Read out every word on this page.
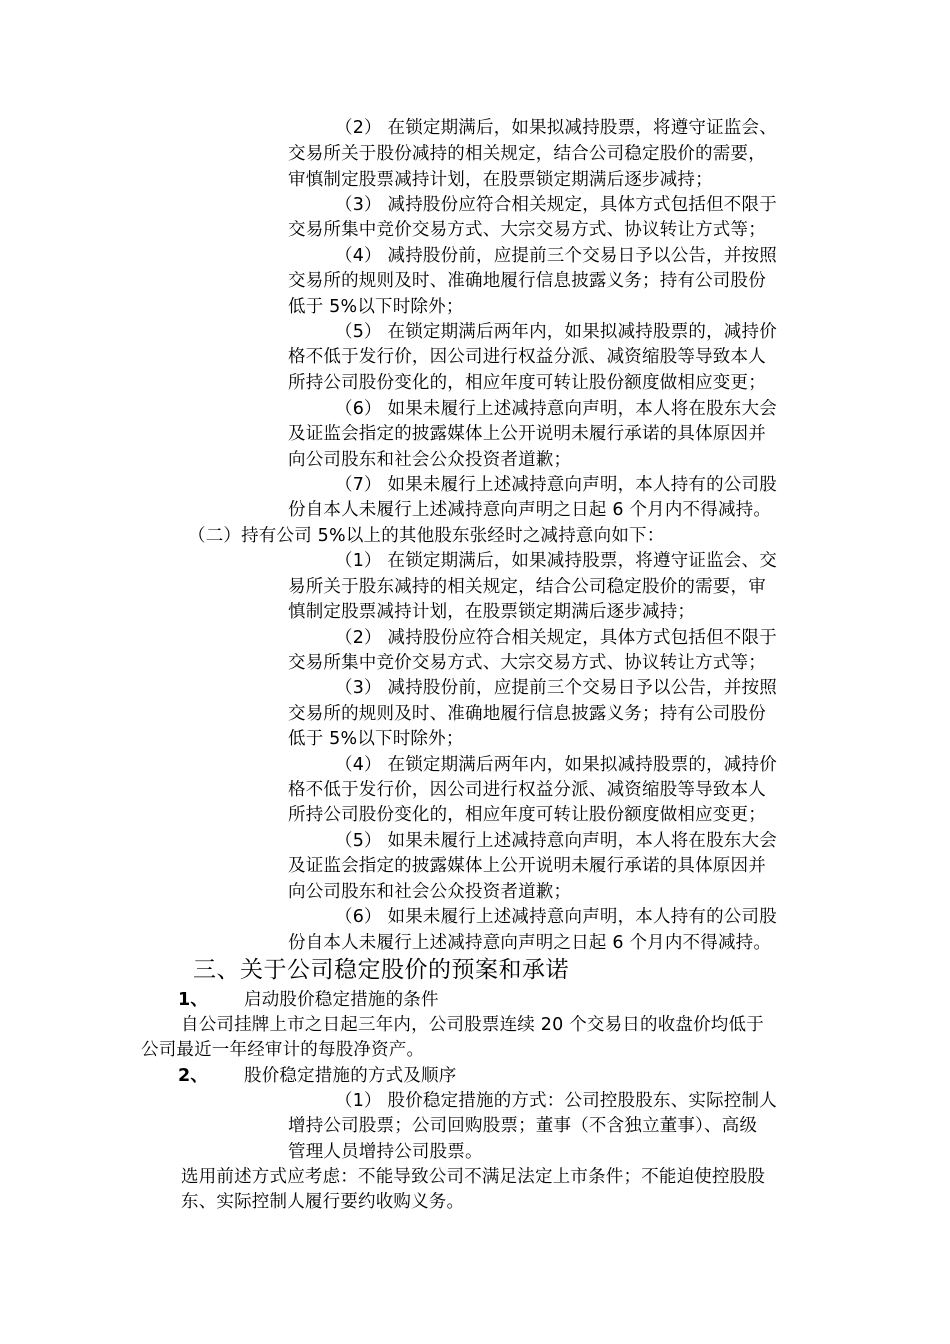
（2） 在锁定期满后，如果拟减持股票，将遵守证监会、
交易所关于股份减持的相关规定，结合公司稳定股价的需要，
审慎制定股票减持计划，在股票锁定期满后逐步减持；
（3） 减持股份应符合相关规定，具体方式包括但不限于
交易所集中竞价交易方式、大宗交易方式、协议转让方式等；
（4） 减持股份前，应提前三个交易日予以公告，并按照
交易所的规则及时、准确地履行信息披露义务；持有公司股份
低于 5%以下时除外；
（5） 在锁定期满后两年内，如果拟减持股票的，减持价
格不低于发行价，因公司进行权益分派、减资缩股等导致本人
所持公司股份变化的，相应年度可转让股份额度做相应变更；
（6） 如果未履行上述减持意向声明，本人将在股东大会
及证监会指定的披露媒体上公开说明未履行承诺的具体原因并
向公司股东和社会公众投资者道歉；
（7） 如果未履行上述减持意向声明，本人持有的公司股
份自本人未履行上述减持意向声明之日起 6 个月内不得减持。
（二）持有公司 5%以上的其他股东张经时之减持意向如下：
（1） 在锁定期满后，如果减持股票，将遵守证监会、交
易所关于股东减持的相关规定，结合公司稳定股价的需要，审
慎制定股票减持计划，在股票锁定期满后逐步减持；
（2） 减持股份应符合相关规定，具体方式包括但不限于
交易所集中竞价交易方式、大宗交易方式、协议转让方式等；
（3） 减持股份前，应提前三个交易日予以公告，并按照
交易所的规则及时、准确地履行信息披露义务；持有公司股份
低于 5%以下时除外；
（4） 在锁定期满后两年内，如果拟减持股票的，减持价
格不低于发行价，因公司进行权益分派、减资缩股等导致本人
所持公司股份变化的，相应年度可转让股份额度做相应变更；
（5） 如果未履行上述减持意向声明，本人将在股东大会
及证监会指定的披露媒体上公开说明未履行承诺的具体原因并
向公司股东和社会公众投资者道歉；
（6） 如果未履行上述减持意向声明，本人持有的公司股
份自本人未履行上述减持意向声明之日起 6 个月内不得减持。
三、关于公司稳定股价的预案和承诺
1、 启动股价稳定措施的条件
自公司挂牌上市之日起三年内，公司股票连续 20 个交易日的收盘价均低于
公司最近一年经审计的每股净资产。
2、 股价稳定措施的方式及顺序
（1） 股价稳定措施的方式：公司控股股东、实际控制人
增持公司股票；公司回购股票；董事（不含独立董事）、高级
管理人员增持公司股票。
选用前述方式应考虑：不能导致公司不满足法定上市条件；不能迫使控股股
东、实际控制人履行要约收购义务。
